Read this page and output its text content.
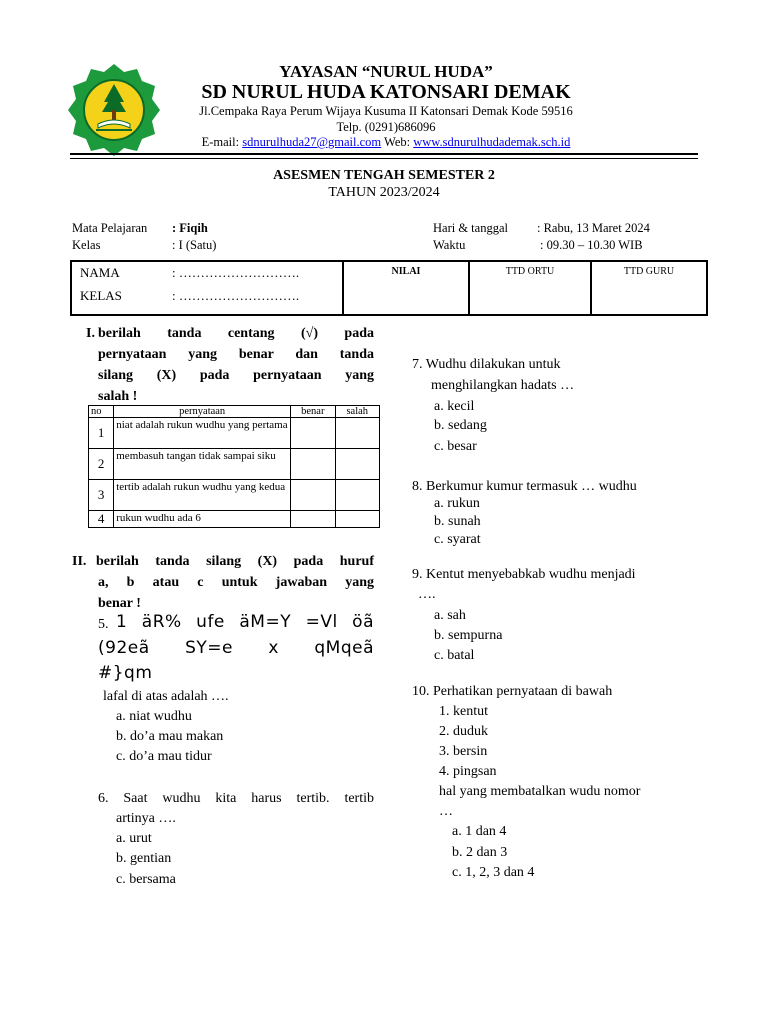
YAYASAN “NURUL HUDA”
SD NURUL HUDA KATONSARI DEMAK
Jl.Cempaka Raya Perum Wijaya Kusuma II Katonsari Demak Kode 59516
Telp. (0291)686096
E-mail: sdnurulhuda27@gmail.com Web: www.sdnurulhudademak.sch.id
ASESMEN TENGAH SEMESTER 2
TAHUN 2023/2024
Mata Pelajaran : Fiqih
Kelas	: I (Satu)
Hari & tanggal : Rabu, 13 Maret 2024
Waktu	: 09.30 – 10.30 WIB
NAMA	: ……………………….
KELAS	: ……………………….
NILAI	TTD ORTU	TTD GURU
I. berilah tanda centang (√) pada
pernyataan yang benar dan tanda
silang (X) pada pernyataan yang
salah !
no	pernyataan	benar	salah
1	niat adalah rukun wudhu yang pertama		
2	membasuh tangan tidak sampai siku		
3	tertib adalah rukun wudhu yang kedua		
4	rukun wudhu ada 6		
II. berilah tanda silang (X) pada huruf
a, b atau c untuk jawaban yang
benar !
5. 1 äR% ufe äM=Y =Vl öã
(92eã SY=e x qMqeã
#}qm
lafal di atas adalah ….
a. niat wudhu
b. do’a mau makan
c. do’a mau tidur
6. Saat wudhu kita harus tertib. tertib
artinya ….
a. urut
b. gentian
c. bersama
7. Wudhu dilakukan untuk
menghilangkan hadats …
a. kecil
b. sedang
c. besar
8. Berkumur kumur termasuk … wudhu
a. rukun
b. sunah
c. syarat
9. Kentut menyebabkab wudhu menjadi
….
a. sah
b. sempurna
c. batal
10. Perhatikan pernyataan di bawah
1. kentut
2. duduk
3. bersin
4. pingsan
hal yang membatalkan wudu nomor
…
a. 1 dan 4
b. 2 dan 3
c. 1, 2, 3 dan 4
